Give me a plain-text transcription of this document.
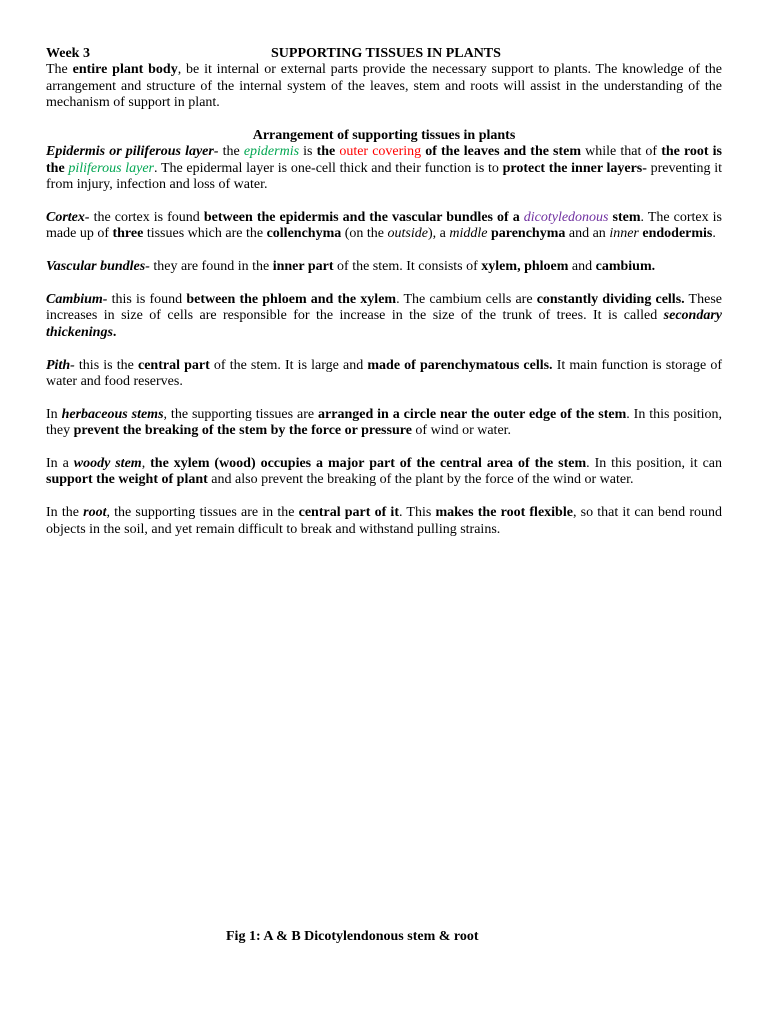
Week 3	SUPPORTING TISSUES IN PLANTS

The entire plant body, be it internal or external parts provide the necessary support to plants. The knowledge of the arrangement and structure of the internal system of the leaves, stem and roots will assist in the understanding of the mechanism of support in plant.

Arrangement of supporting tissues in plants

Epidermis or piliferous layer- the epidermis is the outer covering of the leaves and the stem while that of the root is the piliferous layer. The epidermal layer is one-cell thick and their function is to protect the inner layers- preventing it from injury, infection and loss of water.

Cortex- the cortex is found between the epidermis and the vascular bundles of a dicotyledonous stem. The cortex is made up of three tissues which are the collenchyma (on the outside), a middle parenchyma and an inner endodermis.

Vascular bundles- they are found in the inner part of the stem. It consists of xylem, phloem and cambium.

Cambium- this is found between the phloem and the xylem. The cambium cells are constantly dividing cells. These increases in size of cells are responsible for the increase in the size of the trunk of trees. It is called secondary thickenings.

Pith- this is the central part of the stem. It is large and made of parenchymatous cells. It main function is storage of water and food reserves.

In herbaceous stems, the supporting tissues are arranged in a circle near the outer edge of the stem. In this position, they prevent the breaking of the stem by the force or pressure of wind or water.

In a woody stem, the xylem (wood) occupies a major part of the central area of the stem. In this position, it can support the weight of plant and also prevent the breaking of the plant by the force of the wind or water.

In the root, the supporting tissues are in the central part of it. This makes the root flexible, so that it can bend round objects in the soil, and yet remain difficult to break and withstand pulling strains.

Fig 1: A & B Dicotylendonous stem & root
